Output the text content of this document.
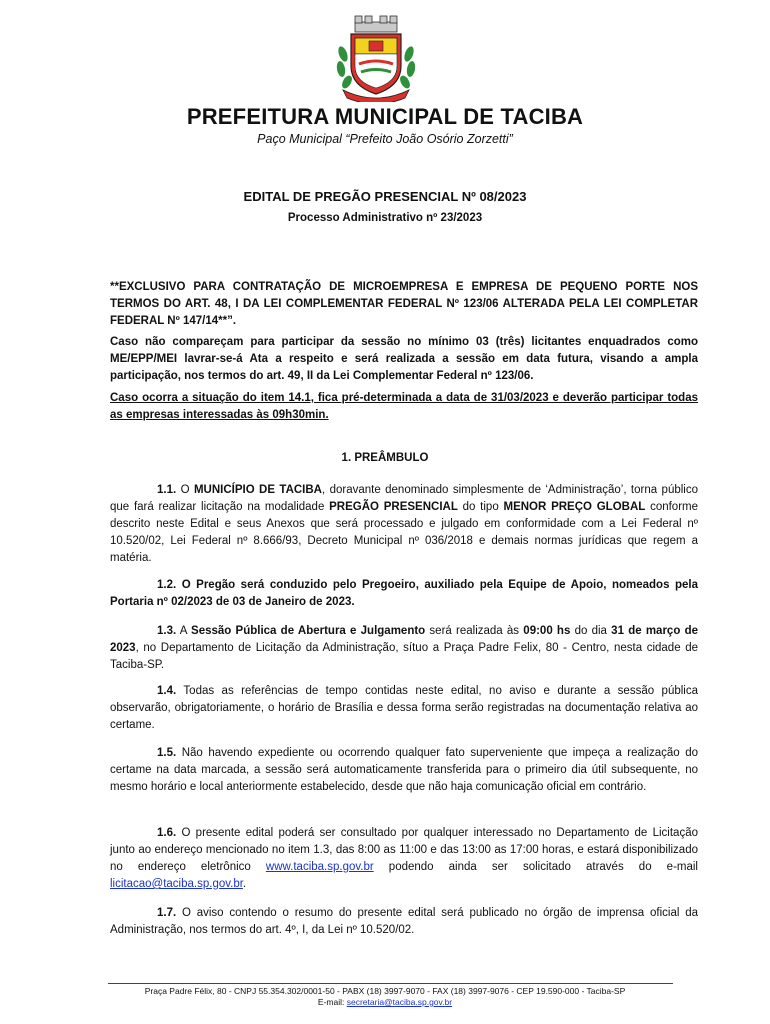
PREFEITURA MUNICIPAL DE TACIBA
Paço Municipal “Prefeito João Osório Zorzetti”
EDITAL DE PREGÃO PRESENCIAL Nº 08/2023
Processo Administrativo nº 23/2023
**EXCLUSIVO PARA CONTRATAÇÃO DE MICROEMPRESA E EMPRESA DE PEQUENO PORTE NOS TERMOS DO ART. 48, I DA LEI COMPLEMENTAR FEDERAL Nº 123/06 ALTERADA PELA LEI COMPLETAR FEDERAL Nº 147/14**”.
Caso não compareçam para participar da sessão no mínimo 03 (três) licitantes enquadrados como ME/EPP/MEI lavrar-se-á Ata a respeito e será realizada a sessão em data futura, visando a ampla participação, nos termos do art. 49, II da Lei Complementar Federal nº 123/06.
Caso ocorra a situação do item 14.1, fica pré-determinada a data de 31/03/2023 e deverão participar todas as empresas interessadas às 09h30min.
1. PREÂMBULO
1.1. O MUNICÍPIO DE TACIBA, doravante denominado simplesmente de ‘Administração’, torna público que fará realizar licitação na modalidade PREGÃO PRESENCIAL do tipo MENOR PREÇO GLOBAL conforme descrito neste Edital e seus Anexos que será processado e julgado em conformidade com a Lei Federal nº 10.520/02, Lei Federal nº 8.666/93, Decreto Municipal nº 036/2018 e demais normas jurídicas que regem a matéria.
1.2. O Pregão será conduzido pelo Pregoeiro, auxiliado pela Equipe de Apoio, nomeados pela Portaria nº 02/2023 de 03 de Janeiro de 2023.
1.3. A Sessão Pública de Abertura e Julgamento será realizada às 09:00 hs do dia 31 de março de 2023, no Departamento de Licitação da Administração, sítuo a Praça Padre Felix, 80 - Centro, nesta cidade de Taciba-SP.
1.4. Todas as referências de tempo contidas neste edital, no aviso e durante a sessão pública observarão, obrigatoriamente, o horário de Brasília e dessa forma serão registradas na documentação relativa ao certame.
1.5. Não havendo expediente ou ocorrendo qualquer fato superveniente que impeça a realização do certame na data marcada, a sessão será automaticamente transferida para o primeiro dia útil subsequente, no mesmo horário e local anteriormente estabelecido, desde que não haja comunicação oficial em contrário.
1.6. O presente edital poderá ser consultado por qualquer interessado no Departamento de Licitação junto ao endereço mencionado no item 1.3, das 8:00 as 11:00 e das 13:00 as 17:00 horas, e estará disponibilizado no endereço eletrônico www.taciba.sp.gov.br podendo ainda ser solicitado através do e-mail licitacao@taciba.sp.gov.br.
1.7. O aviso contendo o resumo do presente edital será publicado no órgão de imprensa oficial da Administração, nos termos do art. 4º, I, da Lei nº 10.520/02.
Praça Padre Félix, 80 - CNPJ 55.354.302/0001-50 - PABX (18) 3997-9070 - FAX (18) 3997-9076 - CEP 19.590-000 - Taciba-SP
E-mail: secretaria@taciba.sp.gov.br
